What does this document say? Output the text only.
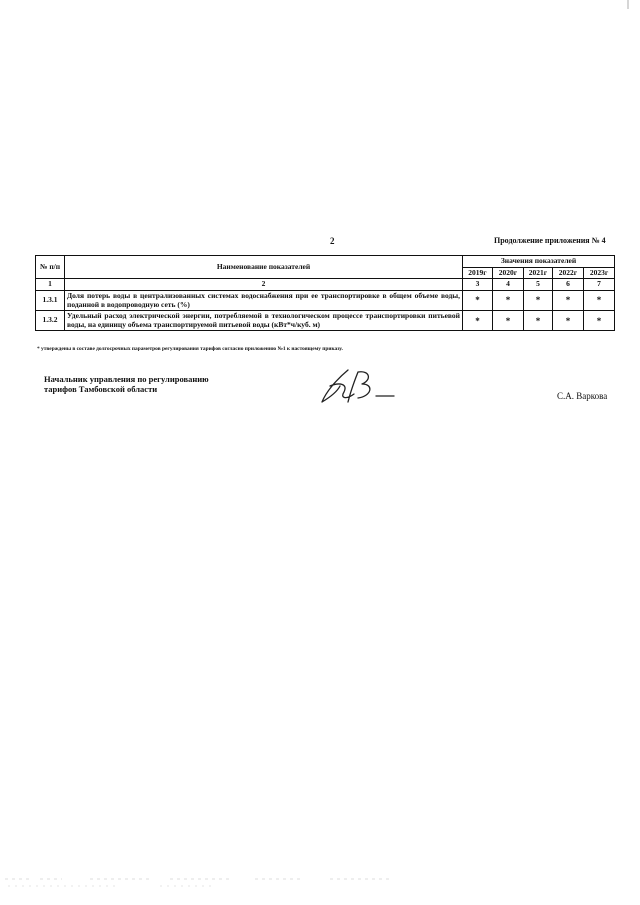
2	Продолжение приложения № 4
№ п/п	Наименование показателей	Значения показателей				
		2019г	2020г	2021г	2022г	2023г
1	2	3	4	5	6	7
1.3.1	Доля потерь воды в централизованных системах водоснабжения при ее транспортировке в общем объеме воды, поданной в водопроводную сеть (%)	*	*	*	*	*
1.3.2	Удельный расход электрической энергии, потребляемой в технологическом процессе транспортировки питьевой воды, на единицу объема транспортируемой питьевой воды (кВт*ч/куб. м)	*	*	*	*	*
* утверждены в составе долгосрочных параметров регулирования тарифов согласно приложению №1 к настоящему приказу.
Начальник управления по регулированию
тарифов Тамбовской области
С.А. Варкова
